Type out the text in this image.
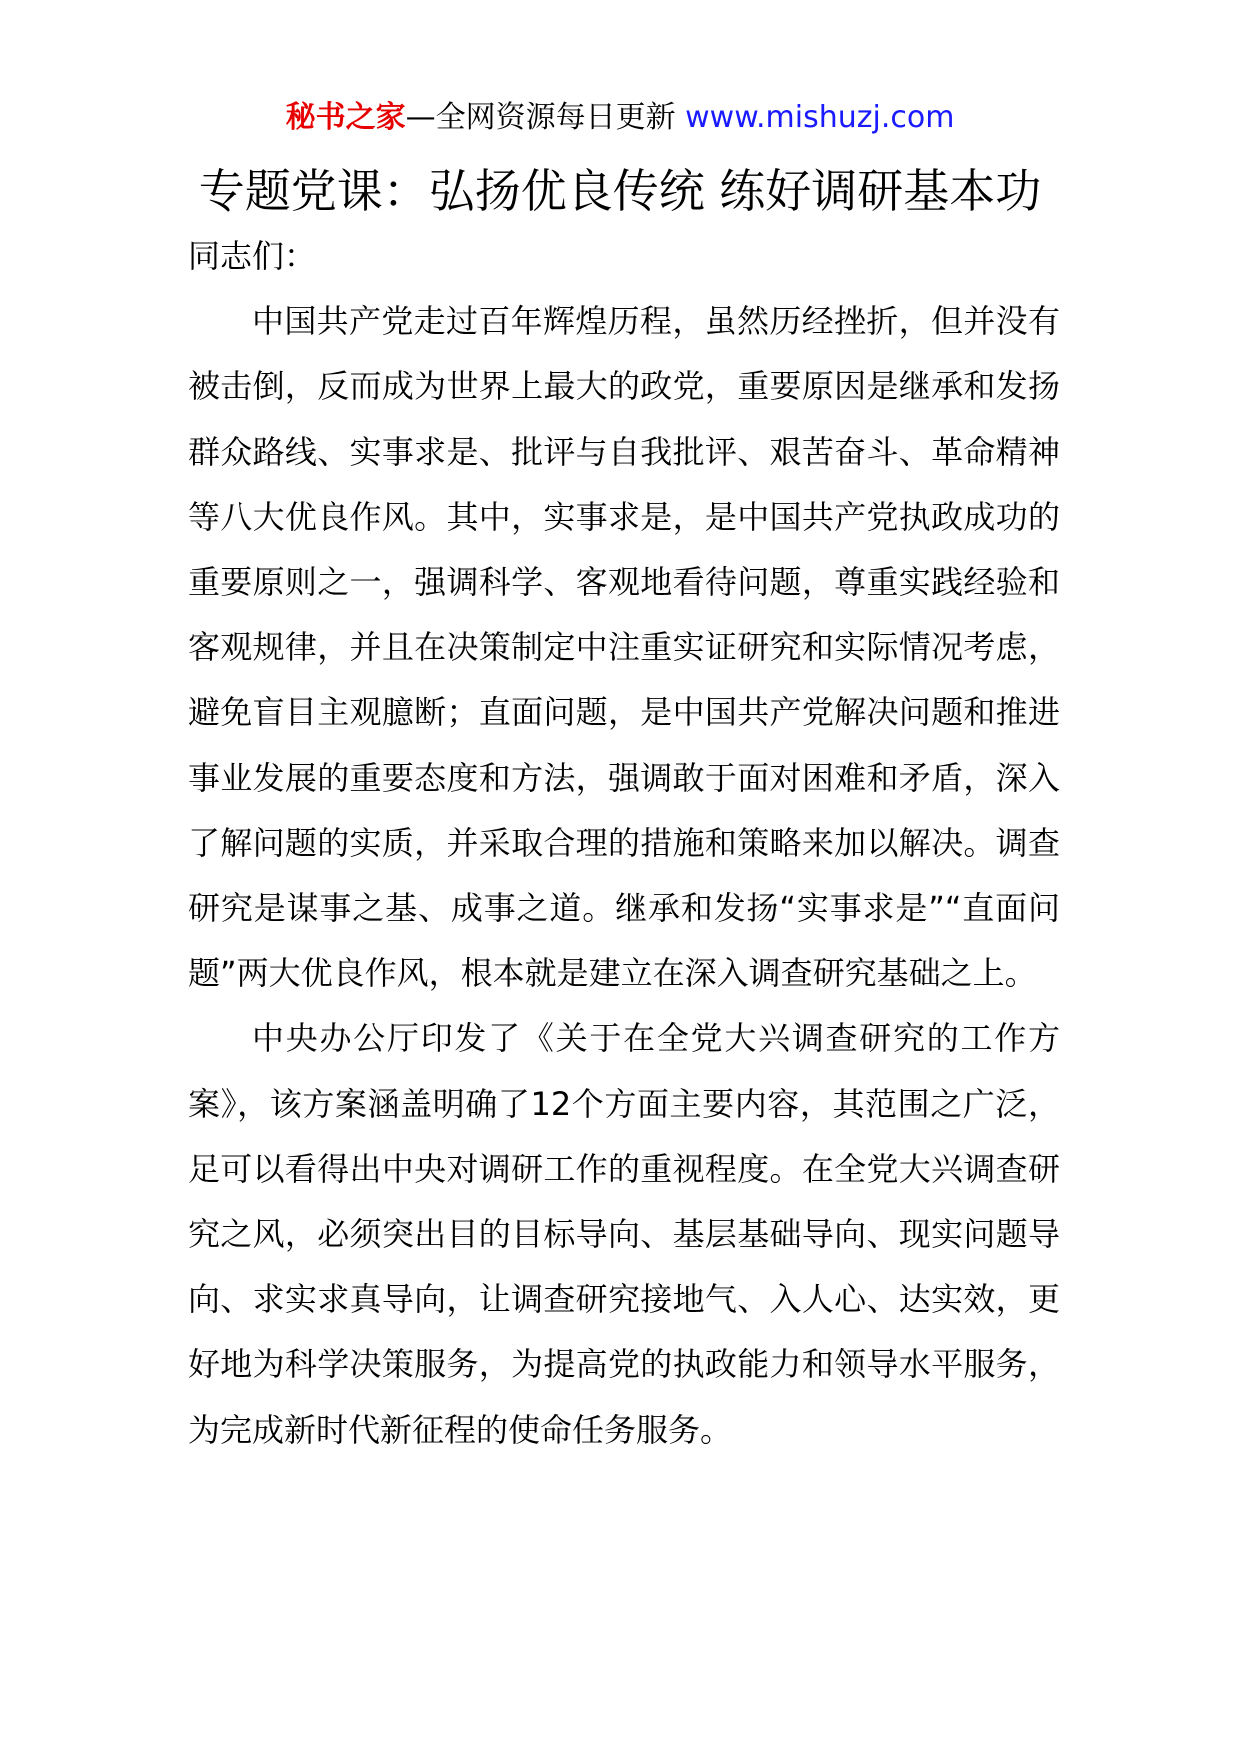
秘书之家—全网资源每日更新 www.mishuzj.com
专题党课：弘扬优良传统 练好调研基本功

同志们：

中国共产党走过百年辉煌历程，虽然历经挫折，但并没有被击倒，反而成为世界上最大的政党，重要原因是继承和发扬群众路线、实事求是、批评与自我批评、艰苦奋斗、革命精神等八大优良作风。其中，实事求是，是中国共产党执政成功的重要原则之一，强调科学、客观地看待问题，尊重实践经验和客观规律，并且在决策制定中注重实证研究和实际情况考虑，避免盲目主观臆断；直面问题，是中国共产党解决问题和推进事业发展的重要态度和方法，强调敢于面对困难和矛盾，深入了解问题的实质，并采取合理的措施和策略来加以解决。调查研究是谋事之基、成事之道。继承和发扬“实事求是”“直面问题”两大优良作风，根本就是建立在深入调查研究基础之上。

中央办公厅印发了《关于在全党大兴调查研究的工作方案》，该方案涵盖明确了12个方面主要内容，其范围之广泛，足可以看得出中央对调研工作的重视程度。在全党大兴调查研究之风，必须突出目的目标导向、基层基础导向、现实问题导向、求实求真导向，让调查研究接地气、入人心、达实效，更好地为科学决策服务，为提高党的执政能力和领导水平服务，为完成新时代新征程的使命任务服务。
